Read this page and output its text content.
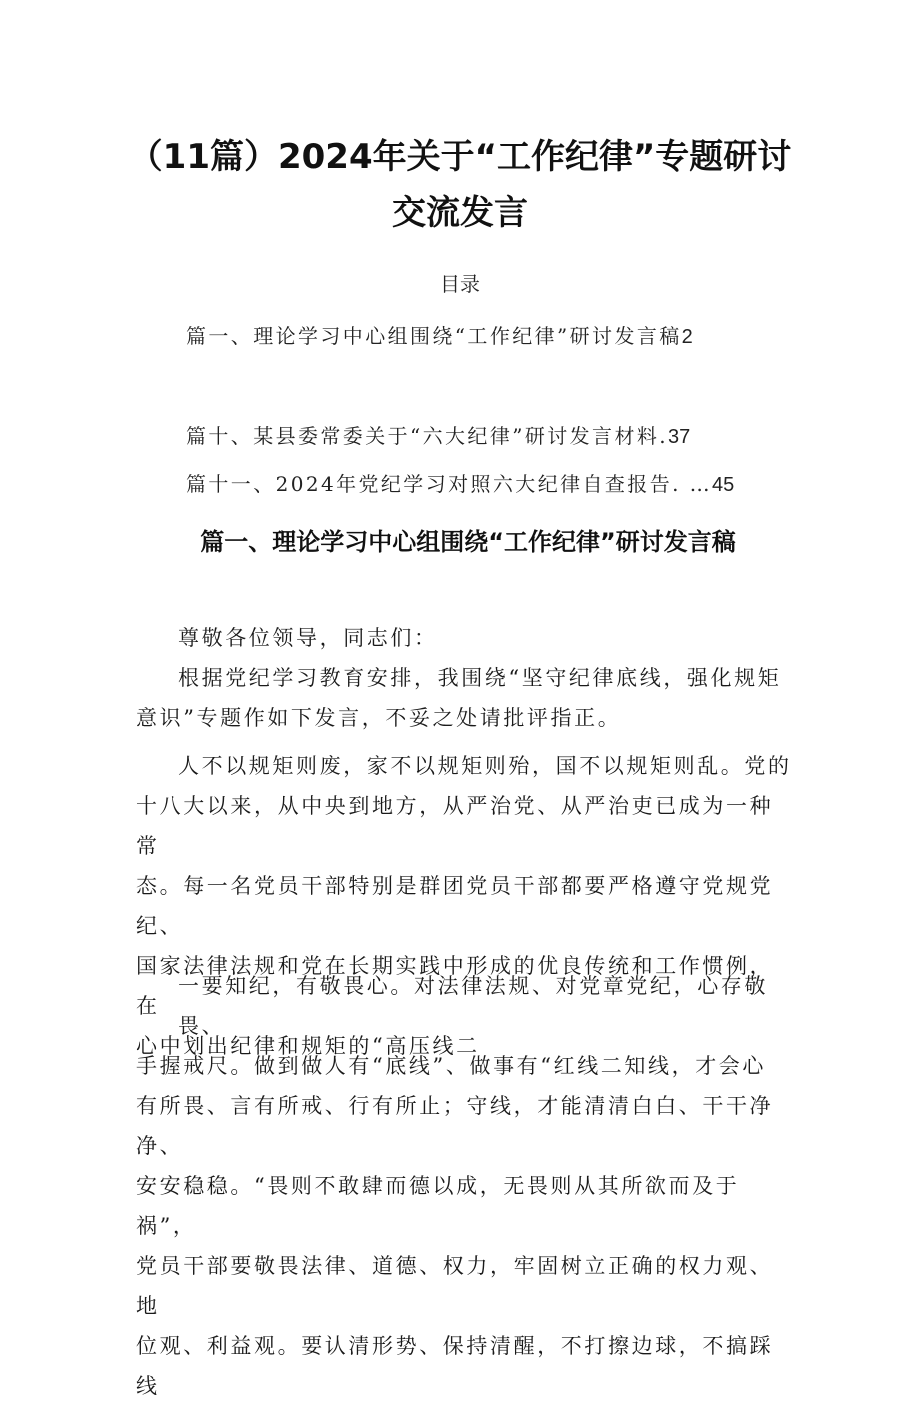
（11篇）2024年关于“工作纪律”专题研讨
交流发言
目录
篇一、理论学习中心组围绕“工作纪律”研讨发言稿2
篇十、某县委常委关于“六大纪律”研讨发言材料.37
篇十一、2024年党纪学习对照六大纪律自查报告. …45
篇一、理论学习中心组围绕“工作纪律”研讨发言稿

尊敬各位领导，同志们：

根据党纪学习教育安排，我围绕“坚守纪律底线，强化规矩

意识”专题作如下发言，不妥之处请批评指正。

人不以规矩则废，家不以规矩则殆，国不以规矩则乱。党的

十八大以来，从中央到地方，从严治党、从严治吏已成为一种常

态。每一名党员干部特别是群团党员干部都要严格遵守党规党纪、

国家法律法规和党在长期实践中形成的优良传统和工作惯例，在

心中划出纪律和规矩的“高压线二

一要知纪，有敬畏心。对法律法规、对党章党纪，心存敬畏、

手握戒尺。做到做人有“底线”、做事有“红线二知线，才会心

有所畏、言有所戒、行有所止；守线，才能清清白白、干干净净、

安安稳稳。“畏则不敢肆而德以成，无畏则从其所欲而及于祸”，

党员干部要敬畏法律、道德、权力，牢固树立正确的权力观、地

位观、利益观。要认清形势、保持清醒，不打擦边球，不搞踩线
